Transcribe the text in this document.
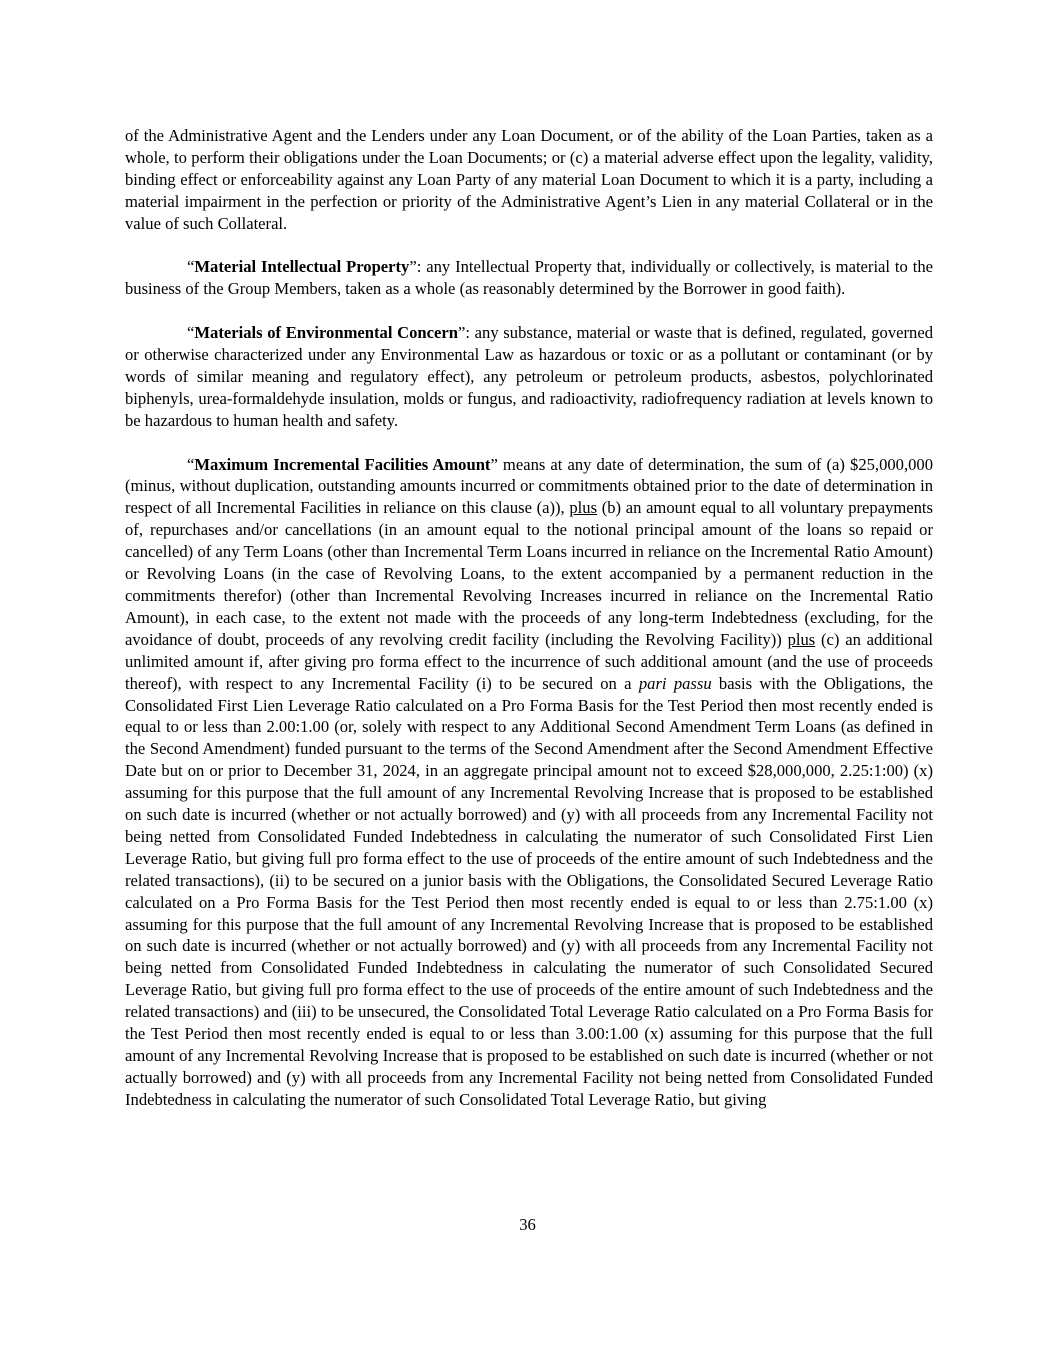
of the Administrative Agent and the Lenders under any Loan Document, or of the ability of the Loan Parties, taken as a whole, to perform their obligations under the Loan Documents; or (c) a material adverse effect upon the legality, validity, binding effect or enforceability against any Loan Party of any material Loan Document to which it is a party, including a material impairment in the perfection or priority of the Administrative Agent’s Lien in any material Collateral or in the value of such Collateral.

“Material Intellectual Property”: any Intellectual Property that, individually or collectively, is material to the business of the Group Members, taken as a whole (as reasonably determined by the Borrower in good faith).

“Materials of Environmental Concern”: any substance, material or waste that is defined, regulated, governed or otherwise characterized under any Environmental Law as hazardous or toxic or as a pollutant or contaminant (or by words of similar meaning and regulatory effect), any petroleum or petroleum products, asbestos, polychlorinated biphenyls, urea-formaldehyde insulation, molds or fungus, and radioactivity, radiofrequency radiation at levels known to be hazardous to human health and safety.

“Maximum Incremental Facilities Amount” means at any date of determination, the sum of (a) $25,000,000 (minus, without duplication, outstanding amounts incurred or commitments obtained prior to the date of determination in respect of all Incremental Facilities in reliance on this clause (a)), plus (b) an amount equal to all voluntary prepayments of, repurchases and/or cancellations (in an amount equal to the notional principal amount of the loans so repaid or cancelled) of any Term Loans (other than Incremental Term Loans incurred in reliance on the Incremental Ratio Amount) or Revolving Loans (in the case of Revolving Loans, to the extent accompanied by a permanent reduction in the commitments therefor) (other than Incremental Revolving Increases incurred in reliance on the Incremental Ratio Amount), in each case, to the extent not made with the proceeds of any long-term Indebtedness (excluding, for the avoidance of doubt, proceeds of any revolving credit facility (including the Revolving Facility)) plus (c) an additional unlimited amount if, after giving pro forma effect to the incurrence of such additional amount (and the use of proceeds thereof), with respect to any Incremental Facility (i) to be secured on a pari passu basis with the Obligations, the Consolidated First Lien Leverage Ratio calculated on a Pro Forma Basis for the Test Period then most recently ended is equal to or less than 2.00:1.00 (or, solely with respect to any Additional Second Amendment Term Loans (as defined in the Second Amendment) funded pursuant to the terms of the Second Amendment after the Second Amendment Effective Date but on or prior to December 31, 2024, in an aggregate principal amount not to exceed $28,000,000, 2.25:1:00) (x) assuming for this purpose that the full amount of any Incremental Revolving Increase that is proposed to be established on such date is incurred (whether or not actually borrowed) and (y) with all proceeds from any Incremental Facility not being netted from Consolidated Funded Indebtedness in calculating the numerator of such Consolidated First Lien Leverage Ratio, but giving full pro forma effect to the use of proceeds of the entire amount of such Indebtedness and the related transactions), (ii) to be secured on a junior basis with the Obligations, the Consolidated Secured Leverage Ratio calculated on a Pro Forma Basis for the Test Period then most recently ended is equal to or less than 2.75:1.00 (x) assuming for this purpose that the full amount of any Incremental Revolving Increase that is proposed to be established on such date is incurred (whether or not actually borrowed) and (y) with all proceeds from any Incremental Facility not being netted from Consolidated Funded Indebtedness in calculating the numerator of such Consolidated Secured Leverage Ratio, but giving full pro forma effect to the use of proceeds of the entire amount of such Indebtedness and the related transactions) and (iii) to be unsecured, the Consolidated Total Leverage Ratio calculated on a Pro Forma Basis for the Test Period then most recently ended is equal to or less than 3.00:1.00 (x) assuming for this purpose that the full amount of any Incremental Revolving Increase that is proposed to be established on such date is incurred (whether or not actually borrowed) and (y) with all proceeds from any Incremental Facility not being netted from Consolidated Funded Indebtedness in calculating the numerator of such Consolidated Total Leverage Ratio, but giving

36
